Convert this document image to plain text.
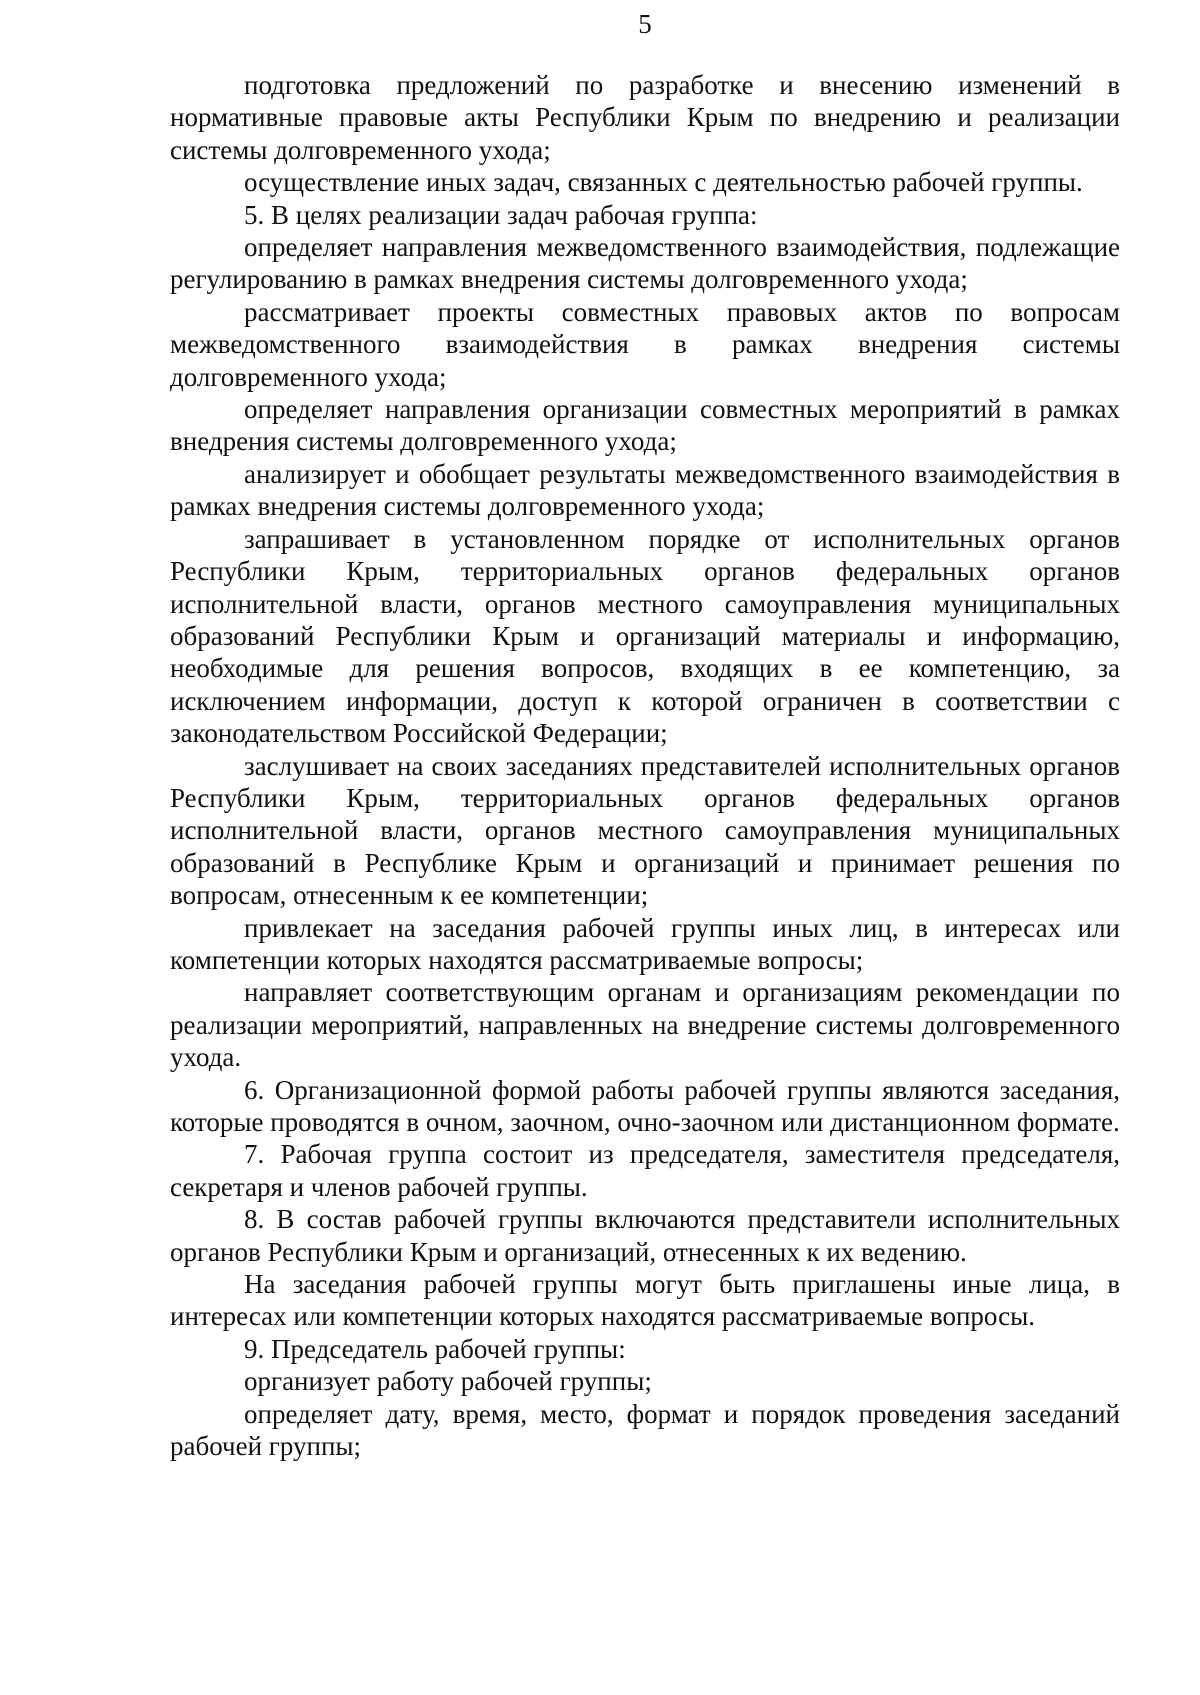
5

подготовка предложений по разработке и внесению изменений в нормативные правовые акты Республики Крым по внедрению и реализации системы долговременного ухода;

осуществление иных задач, связанных с деятельностью рабочей группы.

5. В целях реализации задач рабочая группа:

определяет направления межведомственного взаимодействия, подлежащие регулированию в рамках внедрения системы долговременного ухода;

рассматривает проекты совместных правовых актов по вопросам межведомственного взаимодействия в рамках внедрения системы долговременного ухода;

определяет направления организации совместных мероприятий в рамках внедрения системы долговременного ухода;

анализирует и обобщает результаты межведомственного взаимодействия в рамках внедрения системы долговременного ухода;

запрашивает в установленном порядке от исполнительных органов Республики Крым, территориальных органов федеральных органов исполнительной власти, органов местного самоуправления муниципальных образований Республики Крым и организаций материалы и информацию, необходимые для решения вопросов, входящих в ее компетенцию, за исключением информации, доступ к которой ограничен в соответствии с законодательством Российской Федерации;

заслушивает на своих заседаниях представителей исполнительных органов Республики Крым, территориальных органов федеральных органов исполнительной власти, органов местного самоуправления муниципальных образований в Республике Крым и организаций и принимает решения по вопросам, отнесенным к ее компетенции;

привлекает на заседания рабочей группы иных лиц, в интересах или компетенции которых находятся рассматриваемые вопросы;

направляет соответствующим органам и организациям рекомендации по реализации мероприятий, направленных на внедрение системы долговременного ухода.

6. Организационной формой работы рабочей группы являются заседания, которые проводятся в очном, заочном, очно-заочном или дистанционном формате.

7. Рабочая группа состоит из председателя, заместителя председателя, секретаря и членов рабочей группы.

8. В состав рабочей группы включаются представители исполнительных органов Республики Крым и организаций, отнесенных к их ведению.

На заседания рабочей группы могут быть приглашены иные лица, в интересах или компетенции которых находятся рассматриваемые вопросы.

9. Председатель рабочей группы:

организует работу рабочей группы;

определяет дату, время, место, формат и порядок проведения заседаний рабочей группы;
